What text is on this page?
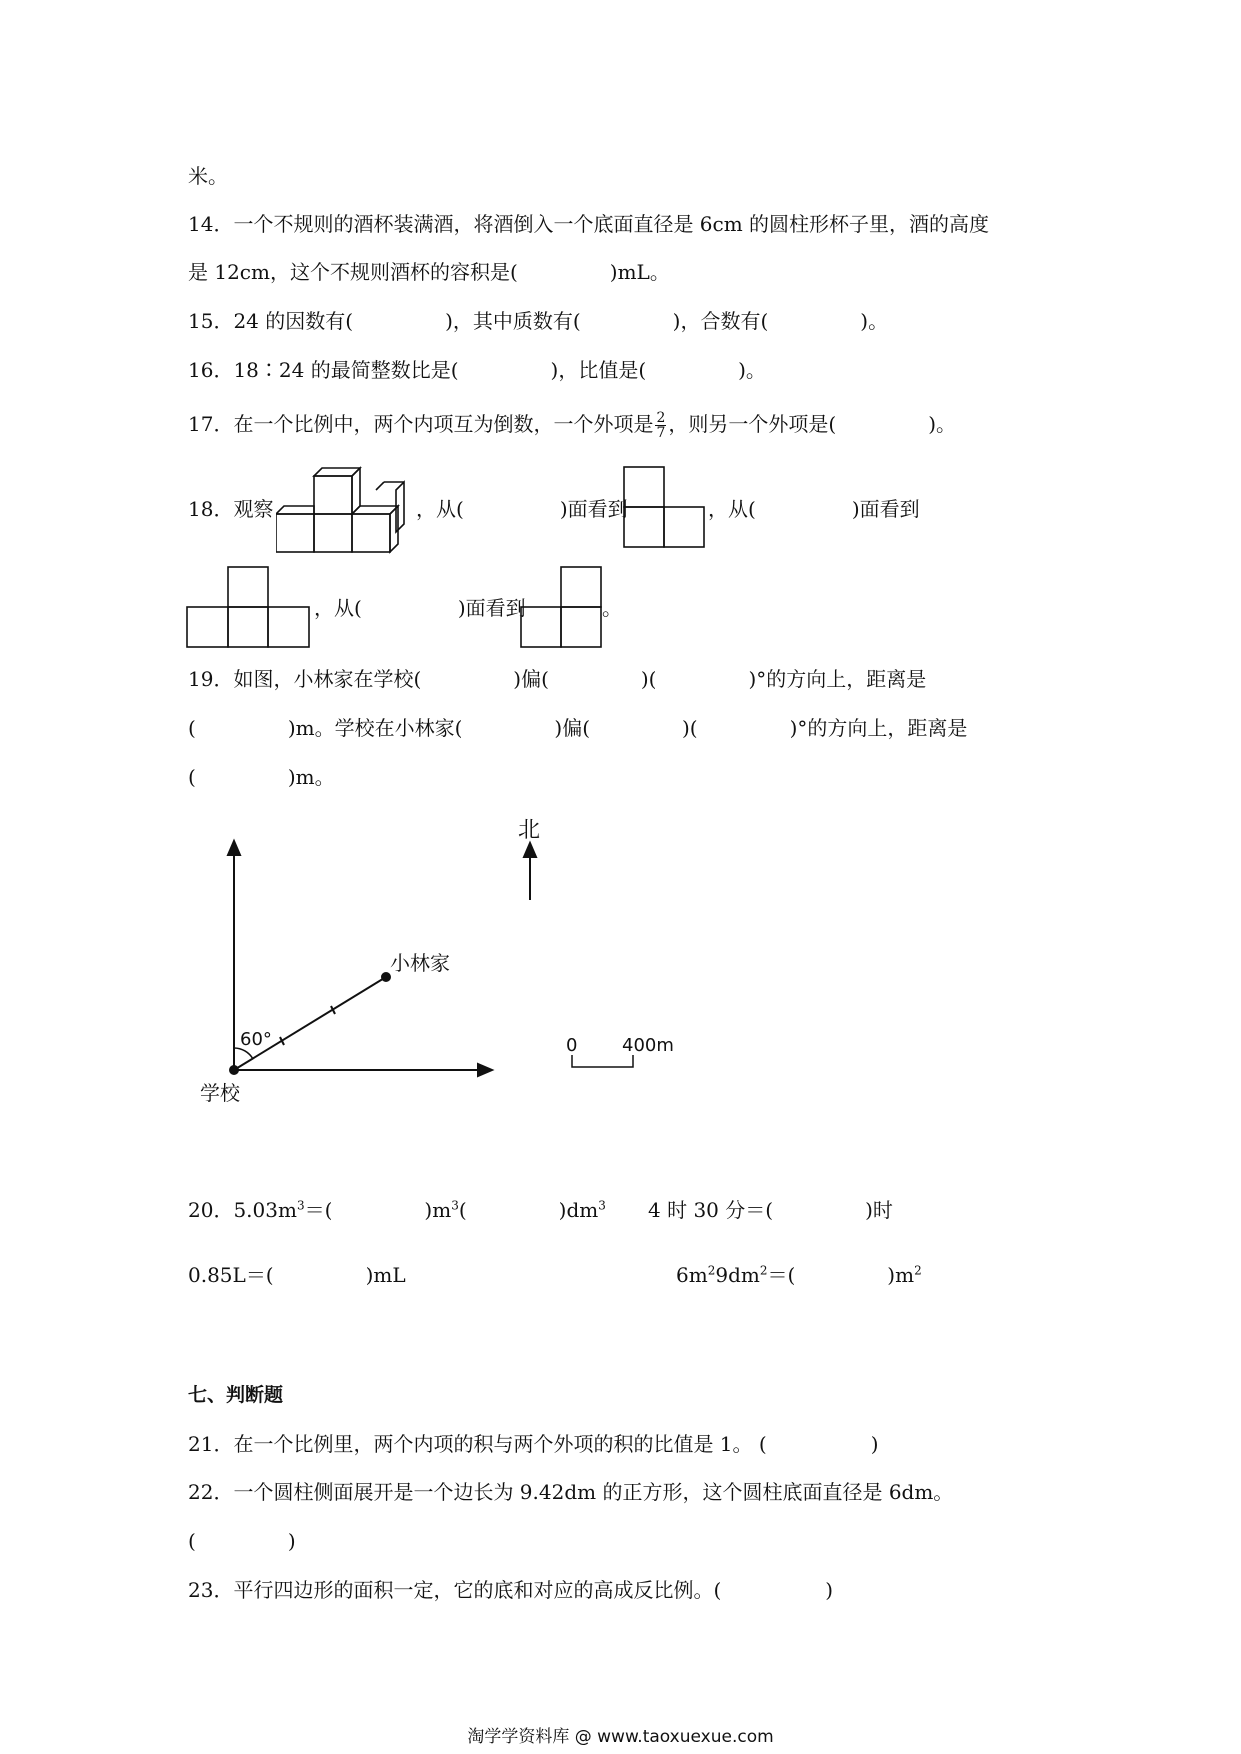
米。
14．一个不规则的酒杯装满酒，将酒倒入一个底面直径是 6cm 的圆柱形杯子里，酒的高度
是 12cm，这个不规则酒杯的容积是(	)mL。
15．24 的因数有(	)，其中质数有(	)，合数有(	)。
16．18∶24 的最简整数比是(	)，比值是(	)。
17．在一个比例中，两个内项互为倒数，一个外项是 $\frac{2}{7}$ ，则另一个外项是(	)。
18．观察	，从(	)面看到	，从(	)面看到
，从(	)面看到	。
19．如图，小林家在学校(	)偏(	)(	)°的方向上，距离是
(	)m。学校在小林家(	)偏(	)(	)°的方向上，距离是
(	)m。
北
小林家
学校
60°	0 400m
20．$5.03m^3=$(	)$m^3$(	)$dm^3$ 4 时 30 分＝(	)时
0.85L＝(	)mL	$6m^29dm^2=$(	)$m^2$
七、判断题
21．在一个比例里，两个内项的积与两个外项的积的比值是 1。 (	)
22．一个圆柱侧面展开是一个边长为 9.42dm 的正方形，这个圆柱底面直径是 6dm。
(	)
23．平行四边形的面积一定，它的底和对应的高成反比例。(	)
淘学学资料库 @ www.taoxuexue.com
